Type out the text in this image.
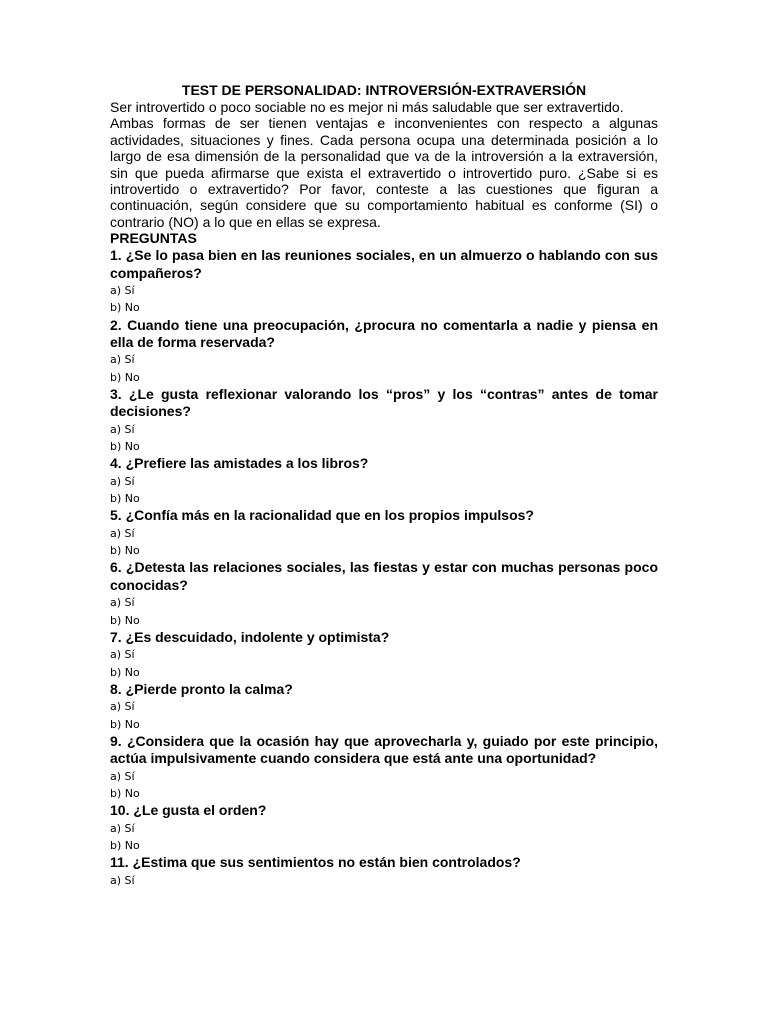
TEST DE PERSONALIDAD: INTROVERSIÓN-EXTRAVERSIÓN

Ser introvertido o poco sociable no es mejor ni más saludable que ser extravertido.

Ambas formas de ser tienen ventajas e inconvenientes con respecto a algunas actividades, situaciones y fines. Cada persona ocupa una determinada posición a lo largo de esa dimensión de la personalidad que va de la introversión a la extraversión, sin que pueda afirmarse que exista el extravertido o introvertido puro. ¿Sabe si es introvertido o extravertido? Por favor, conteste a las cuestiones que figuran a continuación, según considere que su comportamiento habitual es conforme (SI) o contrario (NO) a lo que en ellas se expresa.

PREGUNTAS

1. ¿Se lo pasa bien en las reuniones sociales, en un almuerzo o hablando con sus compañeros?

a) Sí

b) No

2. Cuando tiene una preocupación, ¿procura no comentarla a nadie y piensa en ella de forma reservada?

a) Sí

b) No

3. ¿Le gusta reflexionar valorando los “pros” y los “contras” antes de tomar decisiones?

a) Sí

b) No

4. ¿Prefiere las amistades a los libros?

a) Sí

b) No

5. ¿Confía más en la racionalidad que en los propios impulsos?

a) Sí

b) No

6. ¿Detesta las relaciones sociales, las fiestas y estar con muchas personas poco conocidas?

a) Sí

b) No

7. ¿Es descuidado, indolente y optimista?

a) Sí

b) No

8. ¿Pierde pronto la calma?

a) Sí

b) No

9. ¿Considera que la ocasión hay que aprovecharla y, guiado por este principio, actúa impulsivamente cuando considera que está ante una oportunidad?

a) Sí

b) No

10. ¿Le gusta el orden?

a) Sí

b) No

11. ¿Estima que sus sentimientos no están bien controlados?

a) Sí
